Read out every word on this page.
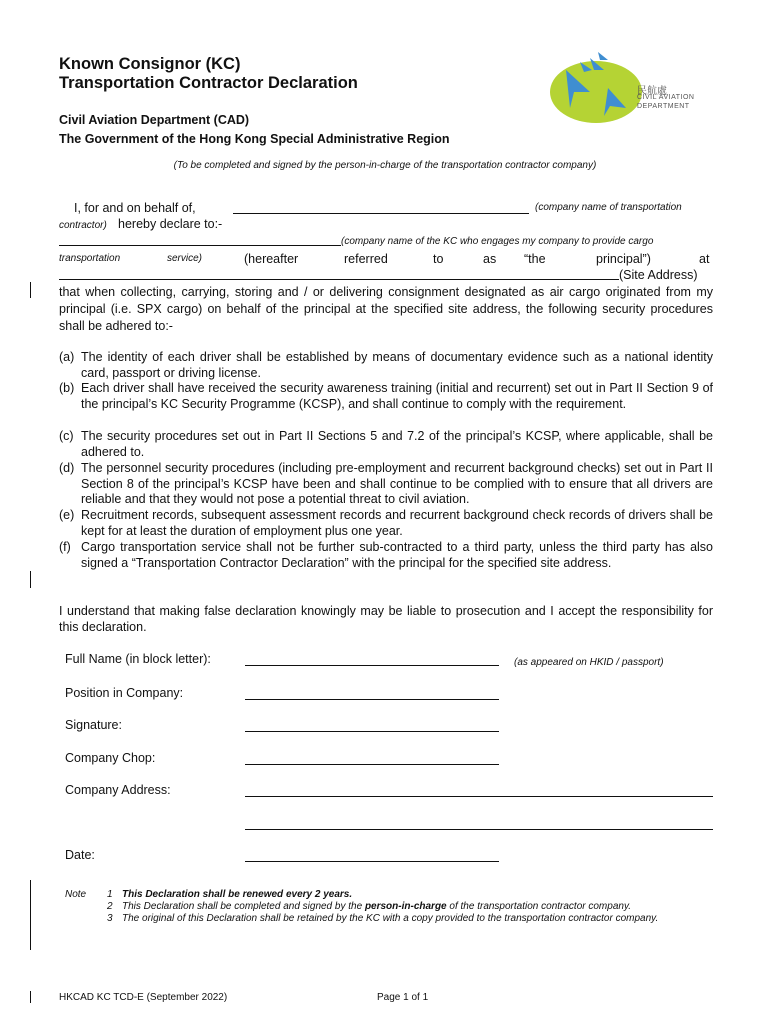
Known Consignor (KC)
Transportation Contractor Declaration
Civil Aviation Department (CAD)
The Government of the Hong Kong Special Administrative Region
民航處
CIVIL AVIATION
DEPARTMENT
(To be completed and signed by the person-in-charge of the transportation contractor company)
I, for and on behalf of,	(company name of transportation
contractor) hereby declare to:-
(company name of the KC who engages my company to provide cargo
transportation	service)	(hereafter	referred	to	as “the	principal”)	at
(Site Address)
that when collecting, carrying, storing and / or delivering consignment designated as air cargo originated from my principal (i.e. SPX cargo) on behalf of the principal at the specified site address, the following security procedures shall be adhered to:-
(a) The identity of each driver shall be established by means of documentary evidence such as a national identity card, passport or driving license.
(b) Each driver shall have received the security awareness training (initial and recurrent) set out in Part II Section 9 of the principal’s KC Security Programme (KCSP), and shall continue to comply with the requirement.
(c) The security procedures set out in Part II Sections 5 and 7.2 of the principal’s KCSP, where applicable, shall be adhered to.
(d) The personnel security procedures (including pre-employment and recurrent background checks) set out in Part II Section 8 of the principal’s KCSP have been and shall continue to be complied with to ensure that all drivers are reliable and that they would not pose a potential threat to civil aviation.
(e) Recruitment records, subsequent assessment records and recurrent background check records of drivers shall be kept for at least the duration of employment plus one year.
(f) Cargo transportation service shall not be further sub-contracted to a third party, unless the third party has also signed a “Transportation Contractor Declaration” with the principal for the specified site address.
I understand that making false declaration knowingly may be liable to prosecution and I accept the responsibility for this declaration.
Full Name (in block letter):	(as appeared on HKID / passport)
Position in Company:
Signature:
Company Chop:
Company Address:
Date:
Note 1 This Declaration shall be renewed every 2 years.
2 This Declaration shall be completed and signed by the person-in-charge of the transportation contractor company.
3 The original of this Declaration shall be retained by the KC with a copy provided to the transportation contractor company.
HKCAD KC TCD-E (September 2022)	Page 1 of 1
